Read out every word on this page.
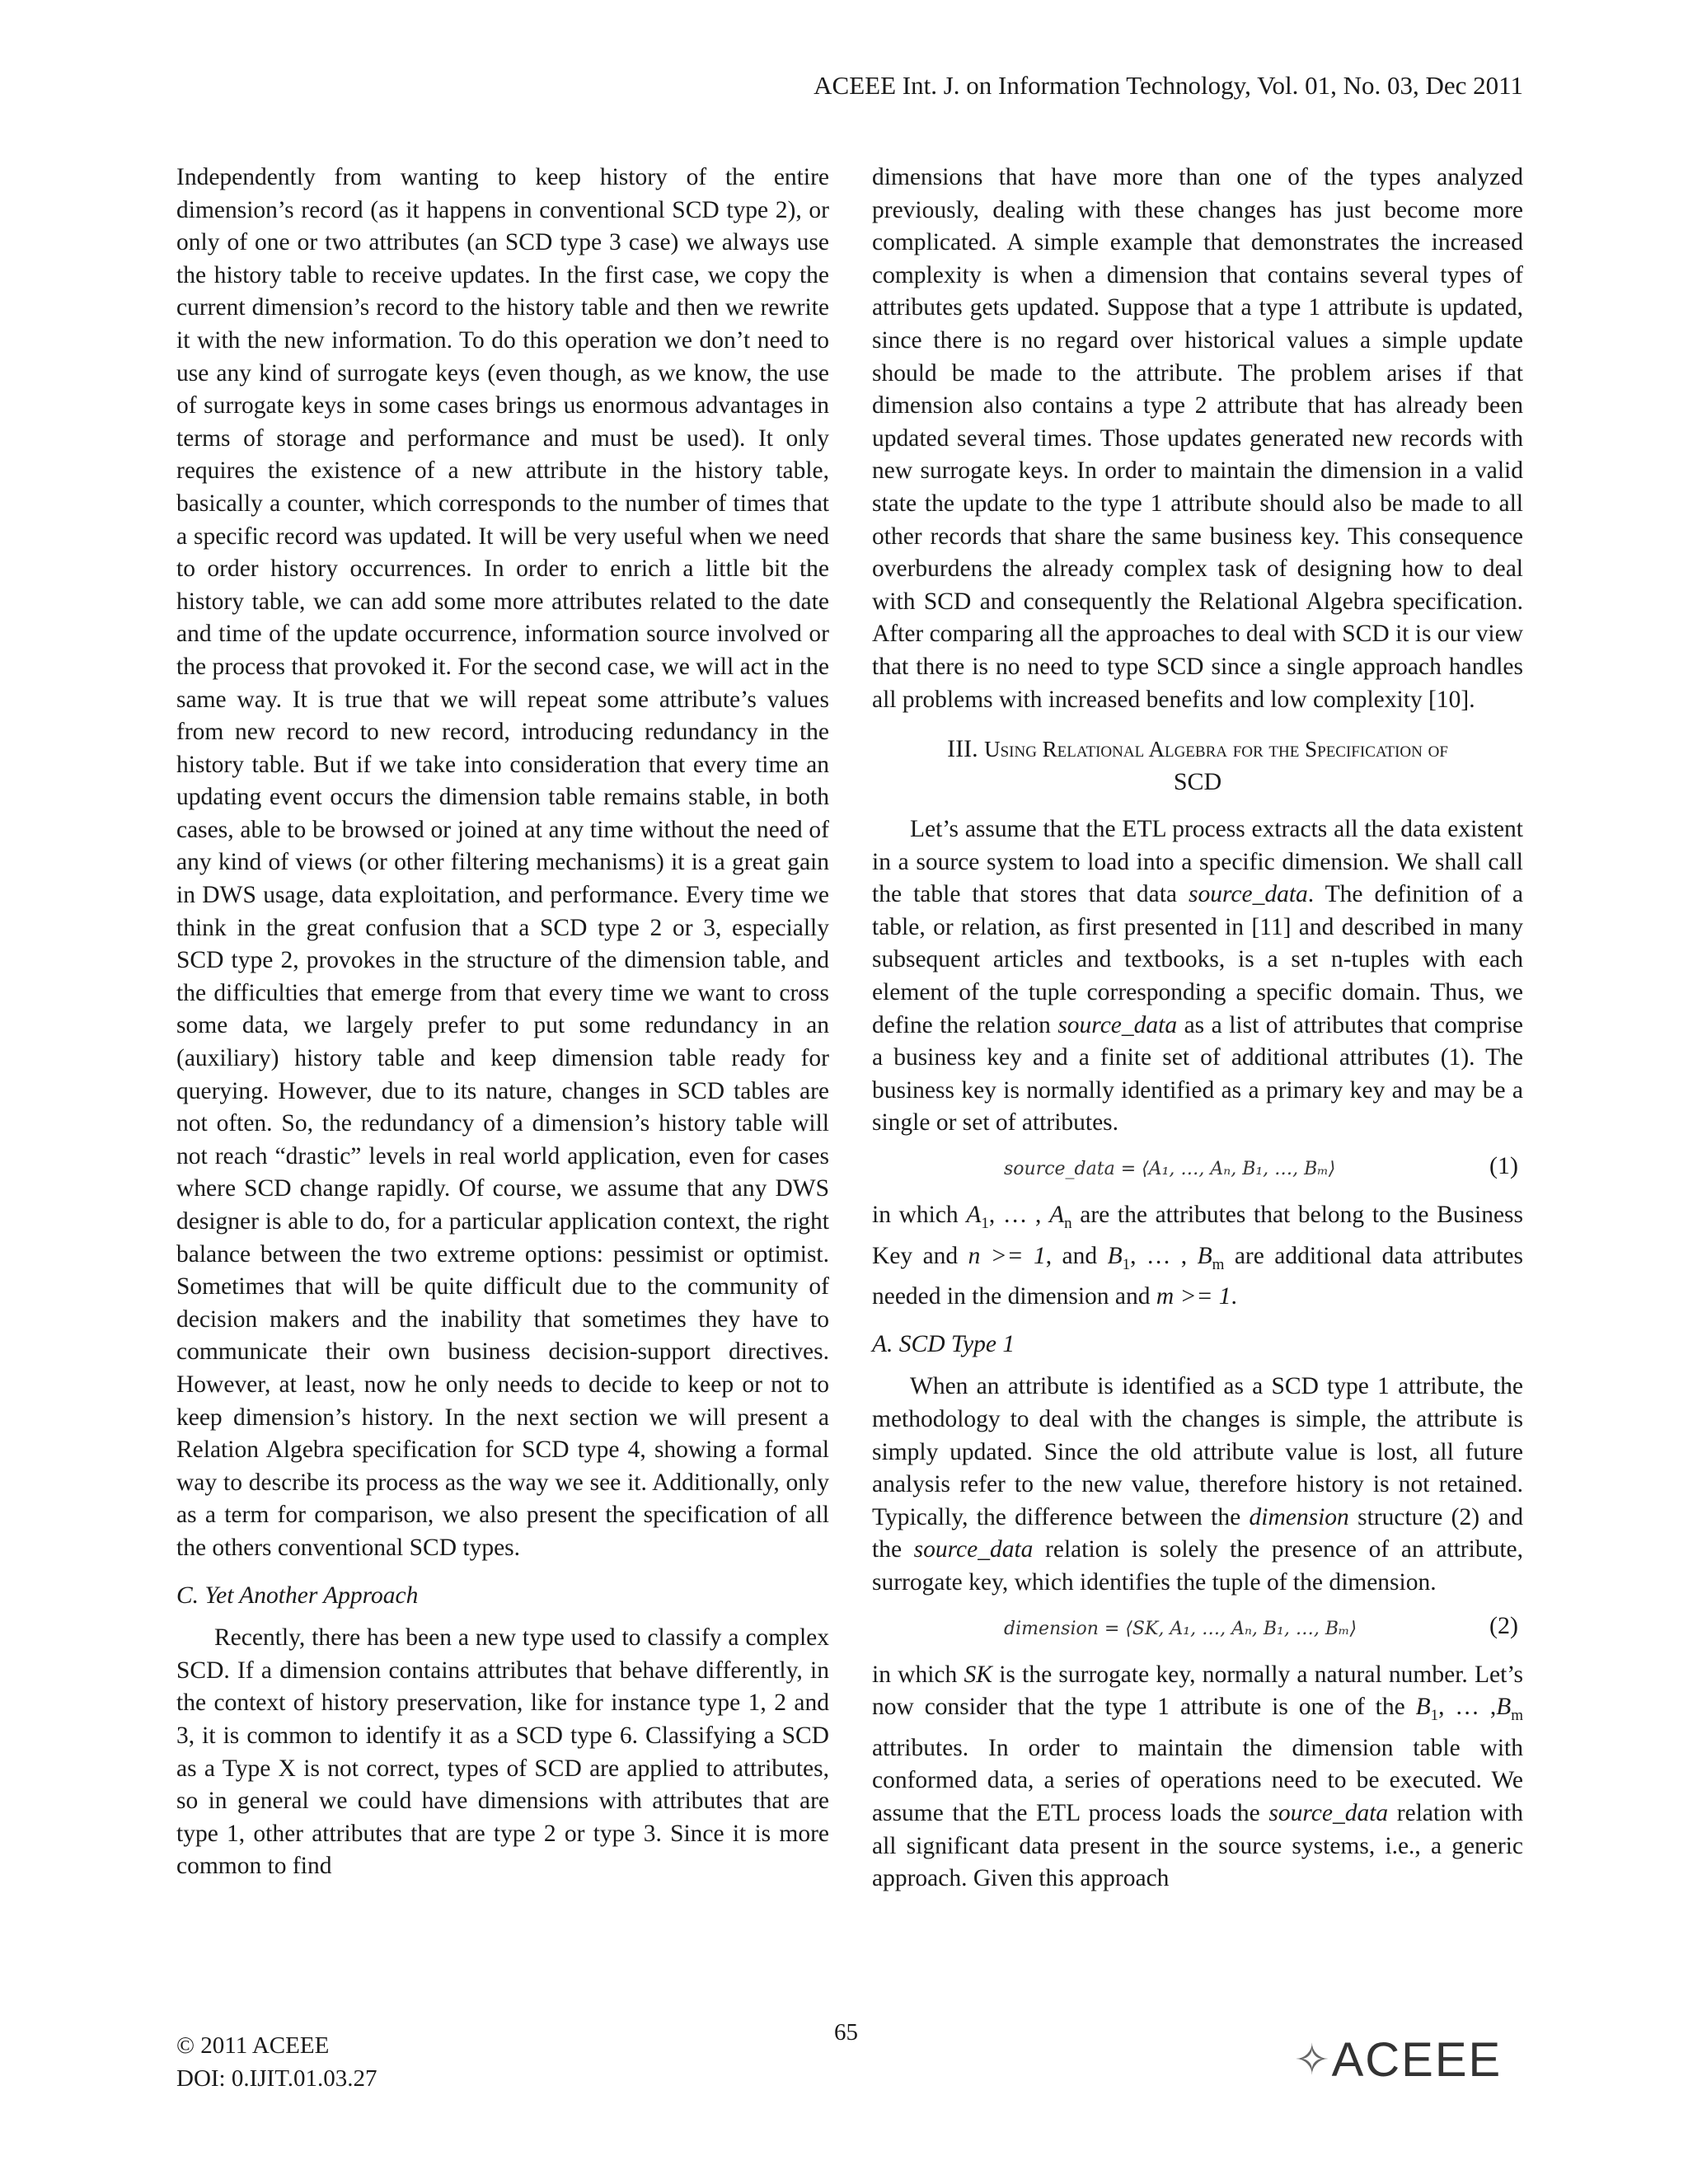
ACEEE Int. J. on Information Technology, Vol. 01, No. 03, Dec 2011

Independently from wanting to keep history of the entire dimension’s record (as it happens in conventional SCD type 2), or only of one or two attributes (an SCD type 3 case) we always use the history table to receive updates. In the first case, we copy the current dimension’s record to the history table and then we rewrite it with the new information. To do this operation we don’t need to use any kind of surrogate keys (even though, as we know, the use of surrogate keys in some cases brings us enormous advantages in terms of storage and performance and must be used). It only requires the existence of a new attribute in the history table, basically a counter, which corresponds to the number of times that a specific record was updated. It will be very useful when we need to order history occurrences. In order to enrich a little bit the history table, we can add some more attributes related to the date and time of the update occurrence, information source involved or the process that provoked it. For the second case, we will act in the same way. It is true that we will repeat some attribute’s values from new record to new record, introducing redundancy in the history table. But if we take into consideration that every time an updating event occurs the dimension table remains stable, in both cases, able to be browsed or joined at any time without the need of any kind of views (or other filtering mechanisms) it is a great gain in DWS usage, data exploitation, and performance. Every time we think in the great confusion that a SCD type 2 or 3, especially SCD type 2, provokes in the structure of the dimension table, and the difficulties that emerge from that every time we want to cross some data, we largely prefer to put some redundancy in an (auxiliary) history table and keep dimension table ready for querying. However, due to its nature, changes in SCD tables are not often. So, the redundancy of a dimension’s history table will not reach “drastic” levels in real world application, even for cases where SCD change rapidly. Of course, we assume that any DWS designer is able to do, for a particular application context, the right balance between the two extreme options: pessimist or optimist. Sometimes that will be quite difficult due to the community of decision makers and the inability that sometimes they have to communicate their own business decision-support directives. However, at least, now he only needs to decide to keep or not to keep dimension’s history. In the next section we will present a Relation Algebra specification for SCD type 4, showing a formal way to describe its process as the way we see it. Additionally, only as a term for comparison, we also present the specification of all the others conventional SCD types.

C. Yet Another Approach

Recently, there has been a new type used to classify a complex SCD. If a dimension contains attributes that behave differently, in the context of history preservation, like for instance type 1, 2 and 3, it is common to identify it as a SCD type 6. Classifying a SCD as a Type X is not correct, types of SCD are applied to attributes, so in general we could have dimensions with attributes that are type 1, other attributes that are type 2 or type 3. Since it is more common to find

dimensions that have more than one of the types analyzed previously, dealing with these changes has just become more complicated. A simple example that demonstrates the increased complexity is when a dimension that contains several types of attributes gets updated. Suppose that a type 1 attribute is updated, since there is no regard over historical values a simple update should be made to the attribute. The problem arises if that dimension also contains a type 2 attribute that has already been updated several times. Those updates generated new records with new surrogate keys. In order to maintain the dimension in a valid state the update to the type 1 attribute should also be made to all other records that share the same business key. This consequence overburdens the already complex task of designing how to deal with SCD and consequently the Relational Algebra specification. After comparing all the approaches to deal with SCD it is our view that there is no need to type SCD since a single approach handles all problems with increased benefits and low complexity [10].

III. Using Relational Algebra for the Specification of
SCD

Let’s assume that the ETL process extracts all the data existent in a source system to load into a specific dimension. We shall call the table that stores that data source_data. The definition of a table, or relation, as first presented in [11] and described in many subsequent articles and textbooks, is a set n-tuples with each element of the tuple corresponding a specific domain. Thus, we define the relation source_data as a list of attributes that comprise a business key and a finite set of additional attributes (1). The business key is normally identified as a primary key and may be a single or set of attributes.

source_data = ⟨A₁, …, Aₙ, B₁, …, Bₘ⟩	(1)

in which $A_1$, … , $A_n$ are the attributes that belong to the Business Key and n >= 1, and $B_1$, … , $B_m$ are additional data attributes needed in the dimension and m >= 1.

A. SCD Type 1

When an attribute is identified as a SCD type 1 attribute, the methodology to deal with the changes is simple, the attribute is simply updated. Since the old attribute value is lost, all future analysis refer to the new value, therefore history is not retained. Typically, the difference between the dimension structure (2) and the source_data relation is solely the presence of an attribute, surrogate key, which identifies the tuple of the dimension.

dimension = ⟨SK, A₁, …, Aₙ, B₁, …, Bₘ⟩	(2)

in which SK is the surrogate key, normally a natural number. Let’s now consider that the type 1 attribute is one of the $B_1$, … $,B_m$ attributes. In order to maintain the dimension table with conformed data, a series of operations need to be executed. We assume that the ETL process loads the source_data relation with all significant data present in the source systems, i.e., a generic approach. Given this approach

© 2011 ACEEE
DOI: 0.IJIT.01.03.27
65
✧ ACEEE
